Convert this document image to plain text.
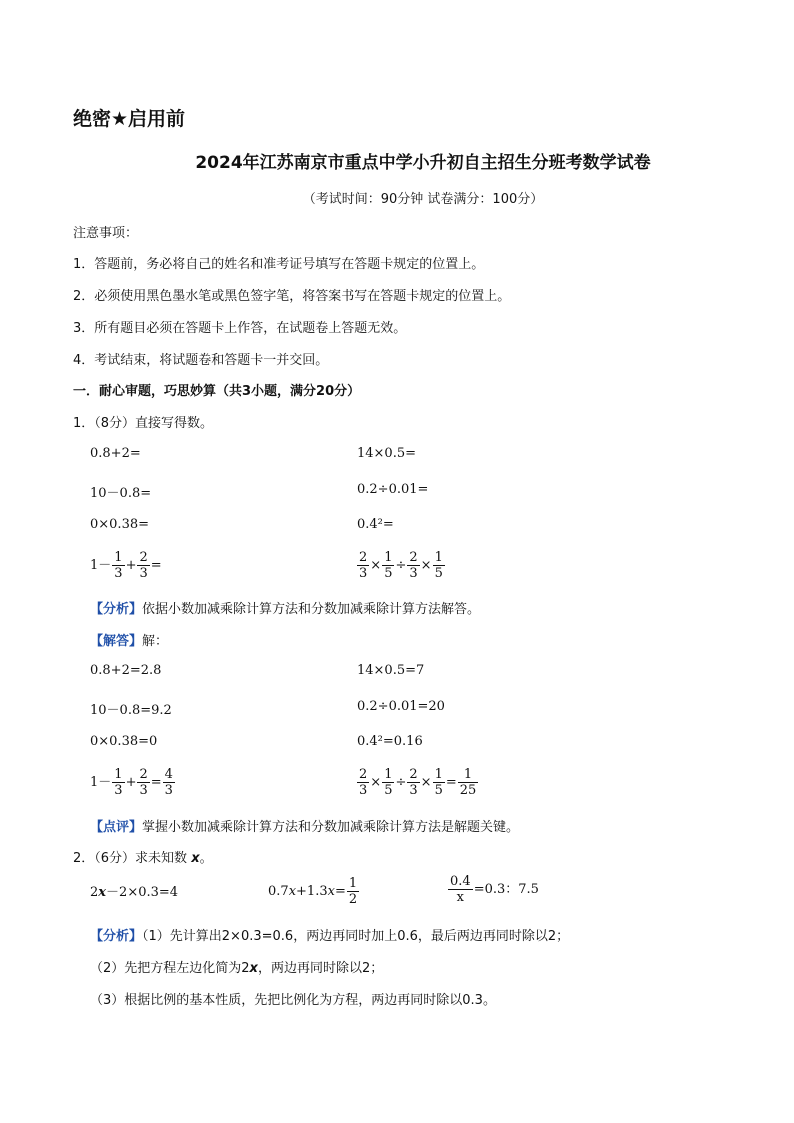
绝密★启用前
2024年江苏南京市重点中学小升初自主招生分班考数学试卷
（考试时间：90分钟 试卷满分：100分）
注意事项：
1．答题前，务必将自己的姓名和准考证号填写在答题卡规定的位置上。
2．必须使用黑色墨水笔或黑色签字笔，将答案书写在答题卡规定的位置上。
3．所有题目必须在答题卡上作答，在试题卷上答题无效。
4．考试结束，将试题卷和答题卡一并交回。
一．耐心审题，巧思妙算（共3小题，满分20分）
1．（8分）直接写得数。
0.8+2=	14×0.5=
10－0.8=	0.2÷0.01=
0×0.38=	0.4²=
$1- \frac{1}{3} + \frac{2}{3}$ =	$\frac{2}{3} \times \frac{1}{5} \div \frac{2}{3} \times \frac{1}{5}$
【分析】依据小数加减乘除计算方法和分数加减乘除计算方法解答。
【解答】解：
0.8+2=2.8	14×0.5=7
10－0.8=9.2	0.2÷0.01=20
0×0.38=0	0.4²=0.16
$1- \frac{1}{3} + \frac{2}{3} = \frac{4}{3}$	$\frac{2}{3} \times \frac{1}{5} \div \frac{2}{3} \times \frac{1}{5} = \frac{1}{25}$
【点评】掌握小数加减乘除计算方法和分数加减乘除计算方法是解题关键。
2．（6分）求未知数 x。
2x－2×0.3=4	$0.7x+1.3x= \frac{1}{2}$	$\frac{0.4}{x} =0.3$：7.5
【分析】（1）先计算出2×0.3=0.6，两边再同时加上0.6，最后两边再同时除以2；
（2）先把方程左边化简为2x，两边再同时除以2；
（3）根据比例的基本性质，先把比例化为方程，两边再同时除以0.3。
